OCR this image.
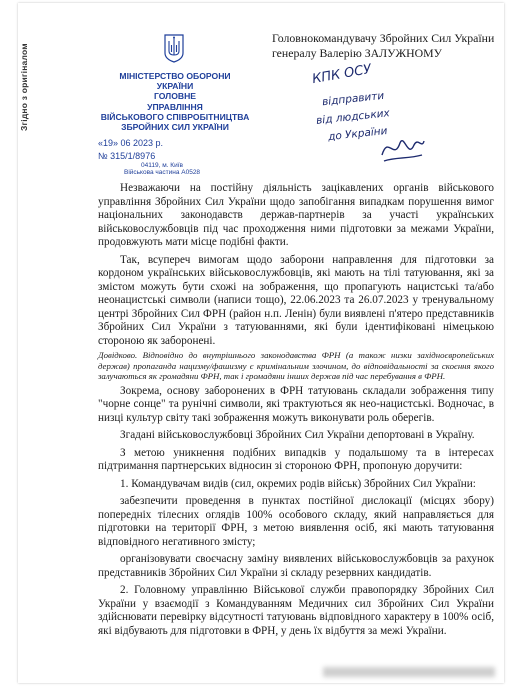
Згідно з оригіналом	МІНІСТЕРСТВО ОБОРОНИ
УКРАЇНИ
ГОЛОВНЕ
УПРАВЛІННЯ
ВІЙСЬКОВОГО СПІВРОБІТНИЦТВА
ЗБРОЙНИХ СИЛ УКРАЇНИ
«19» 06 2023 р.
№ 315/1/8976
04119, м. Київ
Військова частина А0528
Головнокомандувачу Збройних Сил України
генералу Валерію ЗАЛУЖНОМУ
КПК ОСУ
відправити
від людських
до України

Незважаючи на постійну діяльність зацікавлених органів військового управління Збройних Сил України щодо запобігання випадкам порушення вимог національних законодавств держав-партнерів за участі українських військовослужбовців під час проходження ними підготовки за межами України, продовжують мати місце подібні факти.

Так, всупереч вимогам щодо заборони направлення для підготовки за кордоном українських військовослужбовців, які мають на тілі татуювання, які за змістом можуть бути схожі на зображення, що пропагують нацистські та/або неонацистські символи (написи тощо), 22.06.2023 та 26.07.2023 у тренувальному центрі Збройних Сил ФРН (район н.п. Ленін) були виявлені п'ятеро представників Збройних Сил України з татуюваннями, які були ідентифіковані німецькою стороною як заборонені.

Довідково. Відповідно до внутрішнього законодавства ФРН (а також низки західноєвропейських держав) пропаганда нацизму/фашизму є кримінальним злочином, до відповідальності за скоєння якого залучаються як громадяни ФРН, так і громадяни інших держав під час перебування в ФРН.

Зокрема, основу заборонених в ФРН татуювань складали зображення типу "чорне сонце" та рунічні символи, які трактуються як нео-нацистські. Водночас, в низці культур світу такі зображення можуть виконувати роль оберегів.

Згадані військовослужбовці Збройних Сил України депортовані в Україну.

З метою уникнення подібних випадків у подальшому та в інтересах підтримання партнерських відносин зі стороною ФРН, пропоную доручити:

1. Командувачам видів (сил, окремих родів військ) Збройних Сил України:

забезпечити проведення в пунктах постійної дислокації (місцях збору) попередніх тілесних оглядів 100% особового складу, який направляється для підготовки на території ФРН, з метою виявлення осіб, які мають татуювання відповідного негативного змісту;

організовувати своєчасну заміну виявлених військовослужбовців за рахунок представників Збройних Сил України зі складу резервних кандидатів.

2. Головному управлінню Військової служби правопорядку Збройних Сил України у взаємодії з Командуванням Медичних сил Збройних Сил України здійснювати перевірку відсутності татуювань відповідного характеру в 100% осіб, які відбувають для підготовки в ФРН, у день їх відбуття за межі України.
